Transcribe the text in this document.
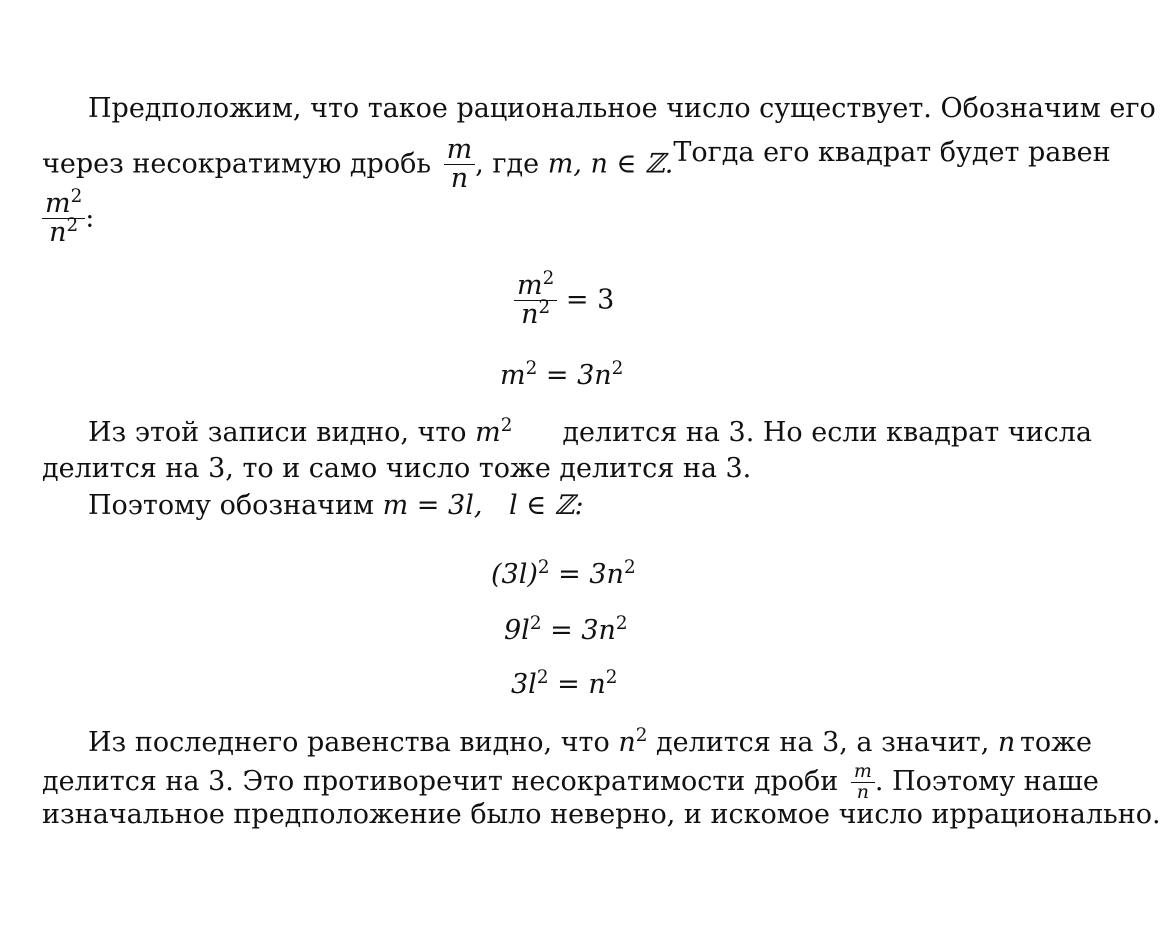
Предположим, что такое рациональное число существует. Обозначим его
через несократимую дробь $\frac{m}{n}$ , где m, n ∈ ℤ. Тогда его квадрат будет равен
$\frac{m^2}{n^2}$ :
$\frac{m^2}{n^2} = 3$
$m^2 = 3n^2$
Из этой записи видно, что $m^2$ делится на 3. Но если квадрат числа
делится на 3, то и само число тоже делится на 3.
Поэтому обозначим m = 3l, l ∈ ℤ:
$(3l)^2 = 3n^2$
$9l^2 = 3n^2$
$3l^2 = n^2$
Из последнего равенства видно, что $n^2$ делится на 3, а значит, n тоже
делится на 3. Это противоречит несократимости дроби $\frac{m}{n}$ . Поэтому наше
изначальное предположение было неверно, и искомое число иррационально.
